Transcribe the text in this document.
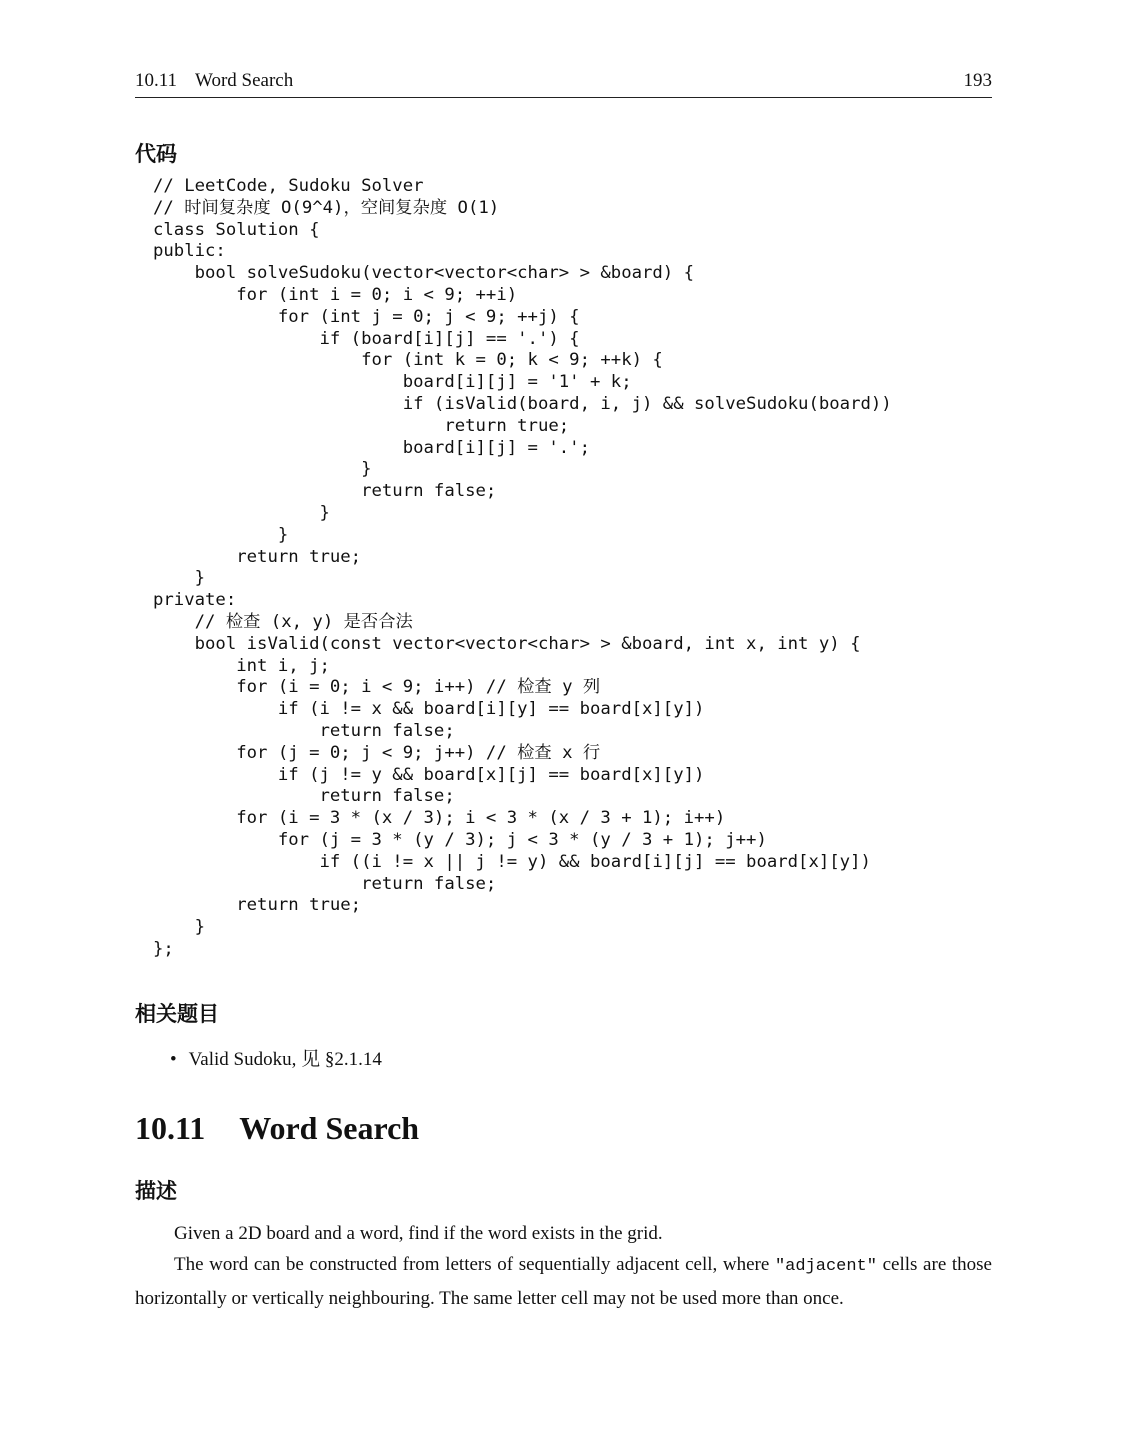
10.11 Word Search	193
代码
// LeetCode, Sudoku Solver
// 时间复杂度 O(9^4)，空间复杂度 O(1)
class Solution {
public:
bool solveSudoku(vector<vector<char> > &board) {
for (int i = 0; i < 9; ++i)
for (int j = 0; j < 9; ++j) {
if (board[i][j] == '.') {
for (int k = 0; k < 9; ++k) {
board[i][j] = '1' + k;
if (isValid(board, i, j) && solveSudoku(board))
return true;
board[i][j] = '.';
}
return false;
}
}
return true;
}
private:
// 检查 (x, y) 是否合法
bool isValid(const vector<vector<char> > &board, int x, int y) {
int i, j;
for (i = 0; i < 9; i++) // 检查 y 列
if (i != x && board[i][y] == board[x][y])
return false;
for (j = 0; j < 9; j++) // 检查 x 行
if (j != y && board[x][j] == board[x][y])
return false;
for (i = 3 * (x / 3); i < 3 * (x / 3 + 1); i++)
for (j = 3 * (y / 3); j < 3 * (y / 3 + 1); j++)
if ((i != x || j != y) && board[i][j] == board[x][y])
return false;
return true;
}
};
相关题目
• Valid Sudoku, 见 §2.1.14
10.11 Word Search
描述

Given a 2D board and a word, find if the word exists in the grid.

The word can be constructed from letters of sequentially adjacent cell, where "adjacent" cells are those horizontally or vertically neighbouring. The same letter cell may not be used more than once.
